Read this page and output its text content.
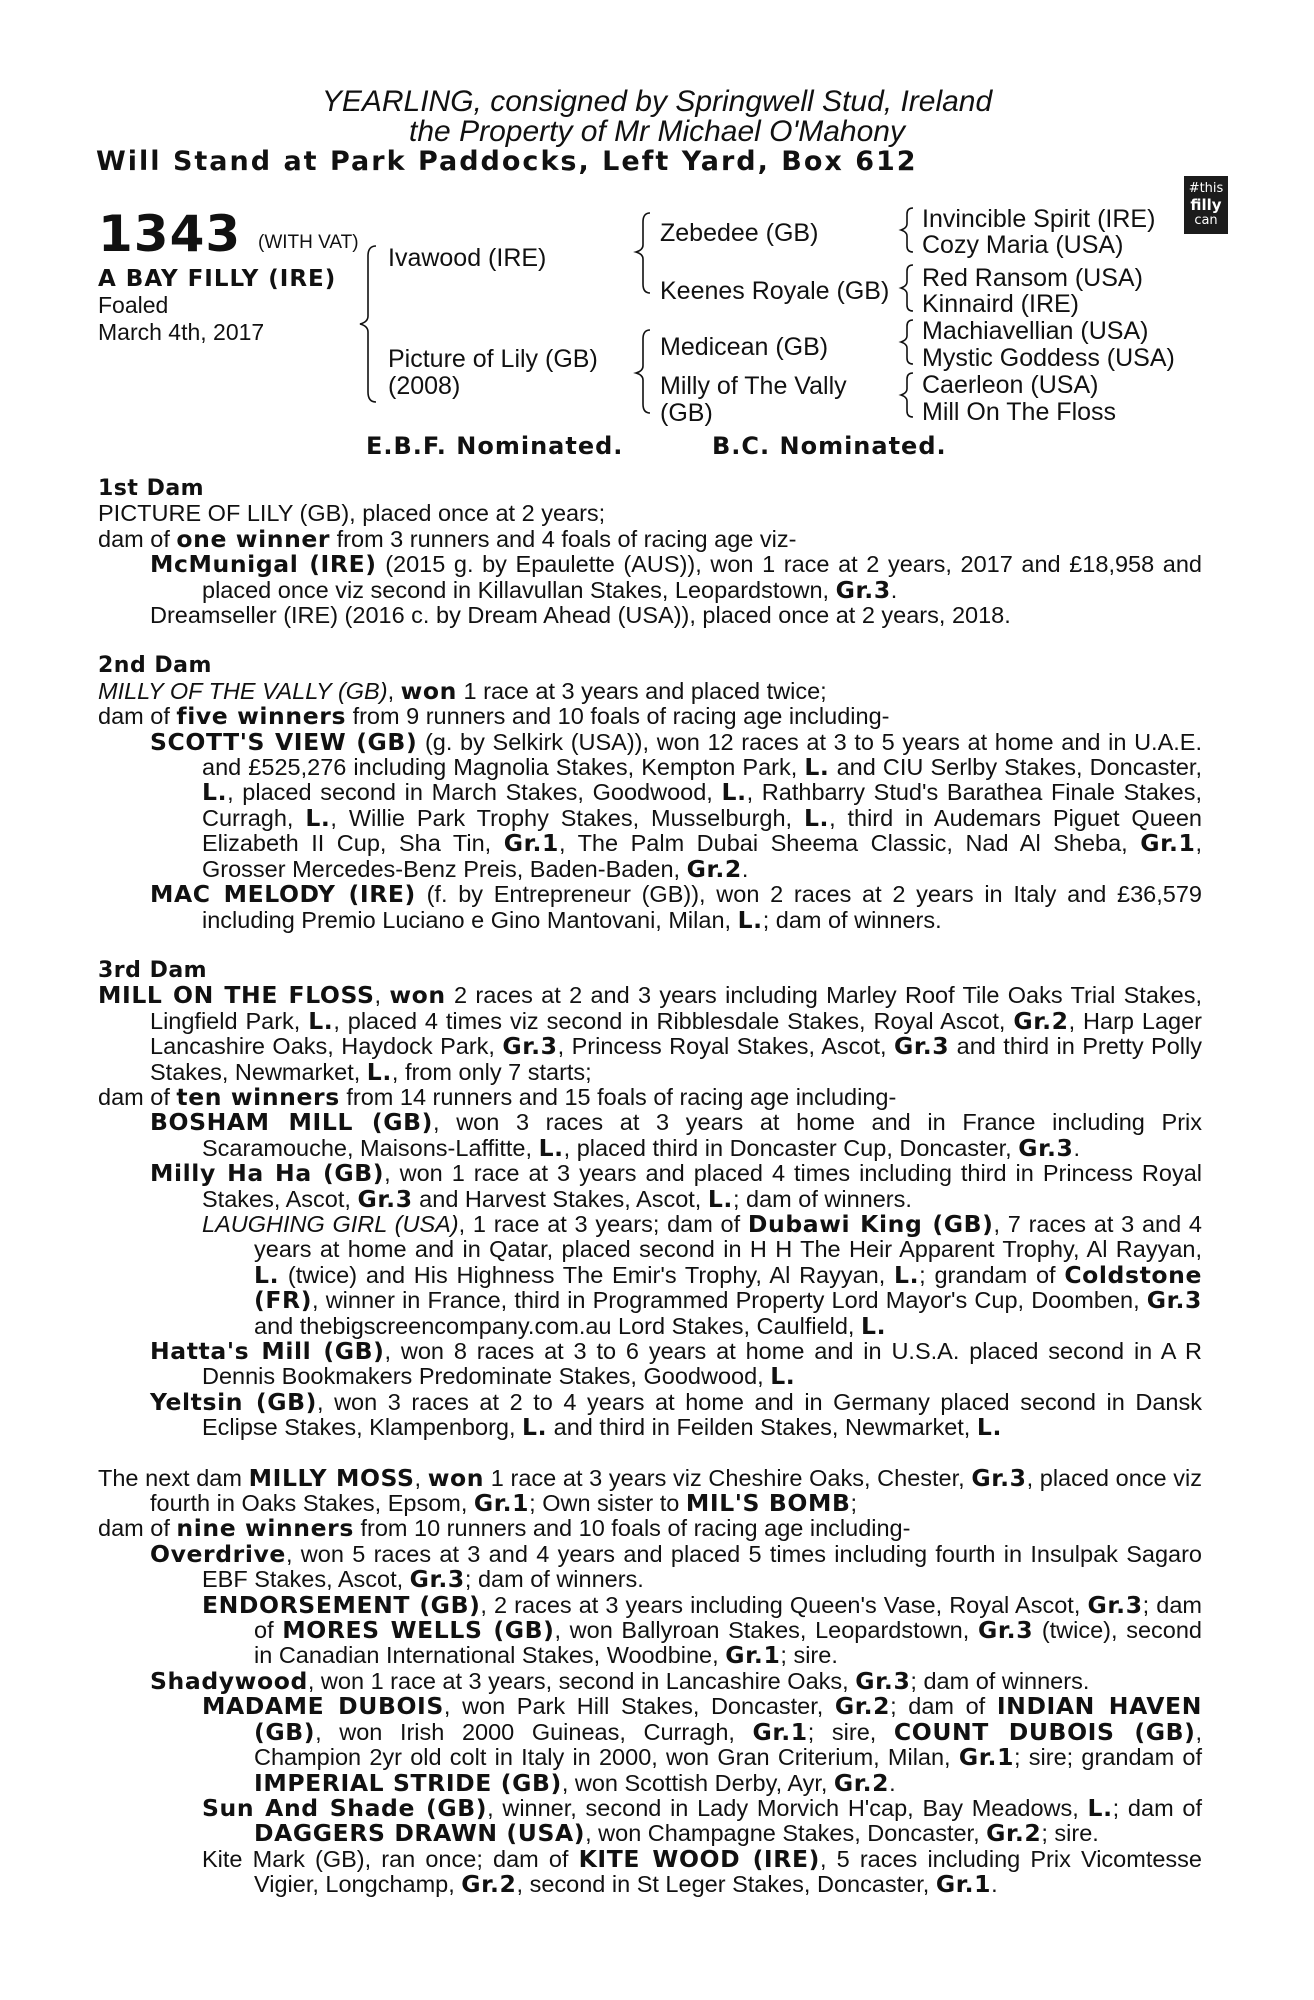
YEARLING, consigned by Springwell Stud, Ireland
the Property of Mr Michael O'Mahony
Will Stand at Park Paddocks, Left Yard, Box 612
#this
filly
can
1343 (WITH VAT)
A BAY FILLY (IRE)
Foaled
March 4th, 2017
Ivawood (IRE)
Picture of Lily (GB)
(2008)
Zebedee (GB)
Keenes Royale (GB)
Medicean (GB)
Milly of The Vally
(GB)
Invincible Spirit (IRE)
Cozy Maria (USA)
Red Ransom (USA)
Kinnaird (IRE)
Machiavellian (USA)
Mystic Goddess (USA)
Caerleon (USA)
Mill On The Floss
E.B.F. Nominated.	B.C. Nominated.
1st Dam
PICTURE OF LILY (GB), placed once at 2 years;
dam of one winner from 3 runners and 4 foals of racing age viz-
McMunigal (IRE) (2015 g. by Epaulette (AUS)), won 1 race at 2 years, 2017 and £18,958 and placed once viz second in Killavullan Stakes, Leopardstown, Gr.3.
Dreamseller (IRE) (2016 c. by Dream Ahead (USA)), placed once at 2 years, 2018.
2nd Dam
MILLY OF THE VALLY (GB), won 1 race at 3 years and placed twice;
dam of five winners from 9 runners and 10 foals of racing age including-
SCOTT'S VIEW (GB) (g. by Selkirk (USA)), won 12 races at 3 to 5 years at home and in U.A.E. and £525,276 including Magnolia Stakes, Kempton Park, L. and CIU Serlby Stakes, Doncaster, L., placed second in March Stakes, Goodwood, L., Rathbarry Stud's Barathea Finale Stakes, Curragh, L., Willie Park Trophy Stakes, Musselburgh, L., third in Audemars Piguet Queen Elizabeth II Cup, Sha Tin, Gr.1, The Palm Dubai Sheema Classic, Nad Al Sheba, Gr.1, Grosser Mercedes-Benz Preis, Baden-Baden, Gr.2.
MAC MELODY (IRE) (f. by Entrepreneur (GB)), won 2 races at 2 years in Italy and £36,579 including Premio Luciano e Gino Mantovani, Milan, L.; dam of winners.
3rd Dam
MILL ON THE FLOSS, won 2 races at 2 and 3 years including Marley Roof Tile Oaks Trial Stakes, Lingfield Park, L., placed 4 times viz second in Ribblesdale Stakes, Royal Ascot, Gr.2, Harp Lager Lancashire Oaks, Haydock Park, Gr.3, Princess Royal Stakes, Ascot, Gr.3 and third in Pretty Polly Stakes, Newmarket, L., from only 7 starts;
dam of ten winners from 14 runners and 15 foals of racing age including-
BOSHAM MILL (GB), won 3 races at 3 years at home and in France including Prix Scaramouche, Maisons-Laffitte, L., placed third in Doncaster Cup, Doncaster, Gr.3.
Milly Ha Ha (GB), won 1 race at 3 years and placed 4 times including third in Princess Royal Stakes, Ascot, Gr.3 and Harvest Stakes, Ascot, L.; dam of winners.
LAUGHING GIRL (USA), 1 race at 3 years; dam of Dubawi King (GB), 7 races at 3 and 4 years at home and in Qatar, placed second in H H The Heir Apparent Trophy, Al Rayyan, L. (twice) and His Highness The Emir's Trophy, Al Rayyan, L.; grandam of Coldstone (FR), winner in France, third in Programmed Property Lord Mayor's Cup, Doomben, Gr.3 and thebigscreencompany.com.au Lord Stakes, Caulfield, L.
Hatta's Mill (GB), won 8 races at 3 to 6 years at home and in U.S.A. placed second in A R Dennis Bookmakers Predominate Stakes, Goodwood, L.
Yeltsin (GB), won 3 races at 2 to 4 years at home and in Germany placed second in Dansk Eclipse Stakes, Klampenborg, L. and third in Feilden Stakes, Newmarket, L.
The next dam MILLY MOSS, won 1 race at 3 years viz Cheshire Oaks, Chester, Gr.3, placed once viz fourth in Oaks Stakes, Epsom, Gr.1; Own sister to MIL'S BOMB;
dam of nine winners from 10 runners and 10 foals of racing age including-
Overdrive, won 5 races at 3 and 4 years and placed 5 times including fourth in Insulpak Sagaro EBF Stakes, Ascot, Gr.3; dam of winners.
ENDORSEMENT (GB), 2 races at 3 years including Queen's Vase, Royal Ascot, Gr.3; dam of MORES WELLS (GB), won Ballyroan Stakes, Leopardstown, Gr.3 (twice), second in Canadian International Stakes, Woodbine, Gr.1; sire.
Shadywood, won 1 race at 3 years, second in Lancashire Oaks, Gr.3; dam of winners.
MADAME DUBOIS, won Park Hill Stakes, Doncaster, Gr.2; dam of INDIAN HAVEN (GB), won Irish 2000 Guineas, Curragh, Gr.1; sire, COUNT DUBOIS (GB), Champion 2yr old colt in Italy in 2000, won Gran Criterium, Milan, Gr.1; sire; grandam of IMPERIAL STRIDE (GB), won Scottish Derby, Ayr, Gr.2.
Sun And Shade (GB), winner, second in Lady Morvich H'cap, Bay Meadows, L.; dam of DAGGERS DRAWN (USA), won Champagne Stakes, Doncaster, Gr.2; sire.
Kite Mark (GB), ran once; dam of KITE WOOD (IRE), 5 races including Prix Vicomtesse Vigier, Longchamp, Gr.2, second in St Leger Stakes, Doncaster, Gr.1.
